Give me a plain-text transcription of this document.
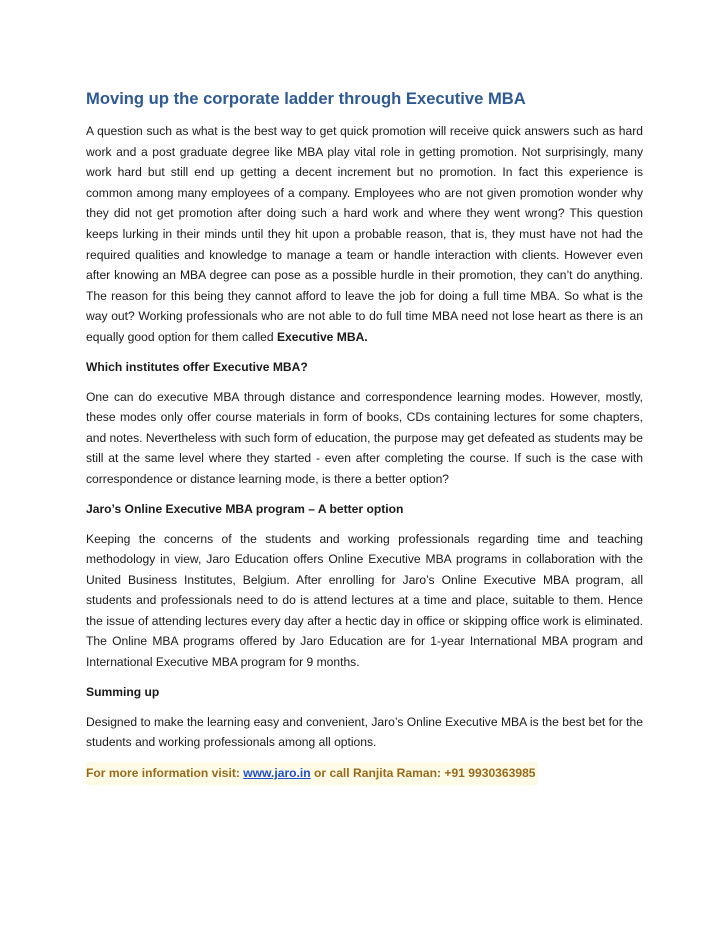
Moving up the corporate ladder through Executive MBA

A question such as what is the best way to get quick promotion will receive quick answers such as hard work and a post graduate degree like MBA play vital role in getting promotion. Not surprisingly, many work hard but still end up getting a decent increment but no promotion. In fact this experience is common among many employees of a company. Employees who are not given promotion wonder why they did not get promotion after doing such a hard work and where they went wrong? This question keeps lurking in their minds until they hit upon a probable reason, that is, they must have not had the required qualities and knowledge to manage a team or handle interaction with clients. However even after knowing an MBA degree can pose as a possible hurdle in their promotion, they can’t do anything. The reason for this being they cannot afford to leave the job for doing a full time MBA. So what is the way out? Working professionals who are not able to do full time MBA need not lose heart as there is an equally good option for them called Executive MBA.

Which institutes offer Executive MBA?

One can do executive MBA through distance and correspondence learning modes. However, mostly, these modes only offer course materials in form of books, CDs containing lectures for some chapters, and notes. Nevertheless with such form of education, the purpose may get defeated as students may be still at the same level where they started - even after completing the course. If such is the case with correspondence or distance learning mode, is there a better option?

Jaro’s Online Executive MBA program – A better option

Keeping the concerns of the students and working professionals regarding time and teaching methodology in view, Jaro Education offers Online Executive MBA programs in collaboration with the United Business Institutes, Belgium. After enrolling for Jaro’s Online Executive MBA program, all students and professionals need to do is attend lectures at a time and place, suitable to them. Hence the issue of attending lectures every day after a hectic day in office or skipping office work is eliminated. The Online MBA programs offered by Jaro Education are for 1-year International MBA program and International Executive MBA program for 9 months.

Summing up

Designed to make the learning easy and convenient, Jaro’s Online Executive MBA is the best bet for the students and working professionals among all options.

For more information visit: www.jaro.in or call Ranjita Raman: +91 9930363985
